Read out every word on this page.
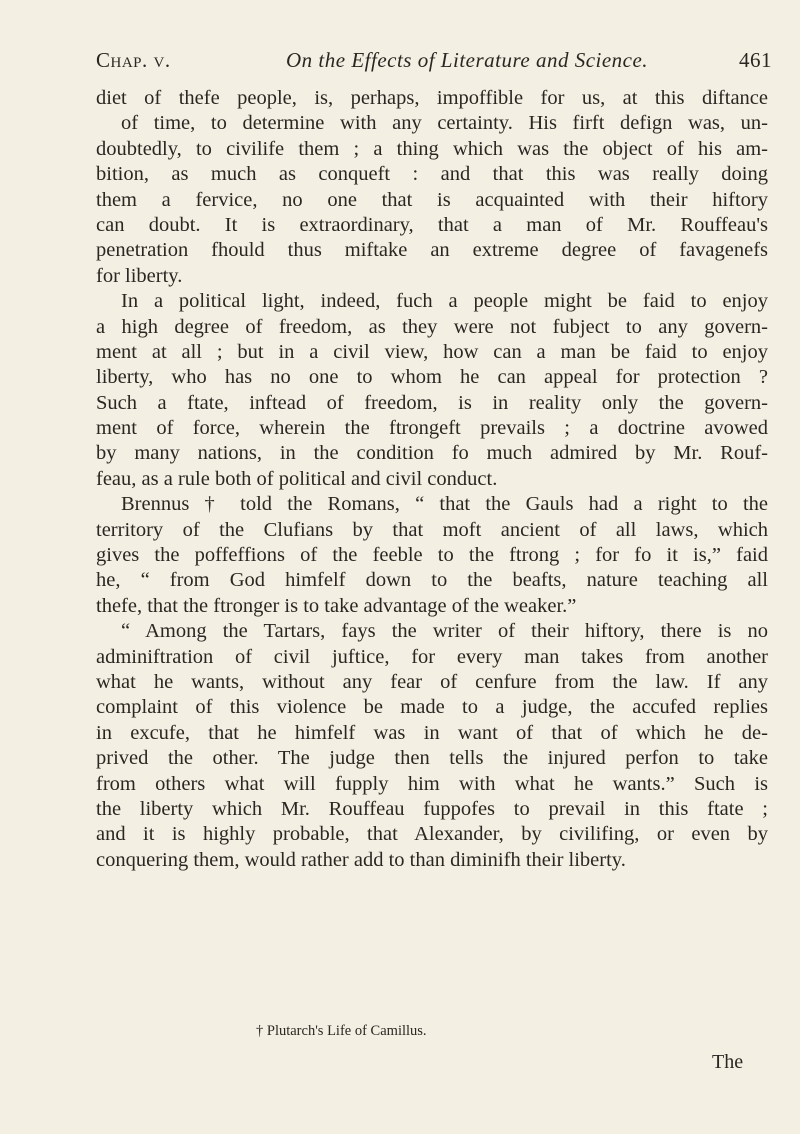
Chap. v.	On the Effects of Literature and Science.	461
diet of thefe people, is, perhaps, impoffible for us, at this diftance
of time, to determine with any certainty. His firft defign was, un-
doubtedly, to civilife them ; a thing which was the object of his am-
bition, as much as conqueft : and that this was really doing
them a fervice, no one that is acquainted with their hiftory
can doubt. It is extraordinary, that a man of Mr. Rouffeau's
penetration fhould thus miftake an extreme degree of favagenefs
for liberty.
In a political light, indeed, fuch a people might be faid to enjoy
a high degree of freedom, as they were not fubject to any govern-
ment at all ; but in a civil view, how can a man be faid to enjoy
liberty, who has no one to whom he can appeal for protection ?
Such a ftate, inftead of freedom, is in reality only the govern-
ment of force, wherein the ftrongeft prevails ; a doctrine avowed
by many nations, in the condition fo much admired by Mr. Rouf-
feau, as a rule both of political and civil conduct.
Brennus † told the Romans, “ that the Gauls had a right to the
territory of the Clufians by that moft ancient of all laws, which
gives the poffeffions of the feeble to the ftrong ; for fo it is,” faid
he, “ from God himfelf down to the beafts, nature teaching all
thefe, that the ftronger is to take advantage of the weaker.”
“ Among the Tartars, fays the writer of their hiftory, there is no
adminiftration of civil juftice, for every man takes from another
what he wants, without any fear of cenfure from the law. If any
complaint of this violence be made to a judge, the accufed replies
in excufe, that he himfelf was in want of that of which he de-
prived the other. The judge then tells the injured perfon to take
from others what will fupply him with what he wants.” Such is
the liberty which Mr. Rouffeau fuppofes to prevail in this ftate ;
and it is highly probable, that Alexander, by civilifing, or even by
conquering them, would rather add to than diminifh their liberty.
† Plutarch's Life of Camillus.
The
